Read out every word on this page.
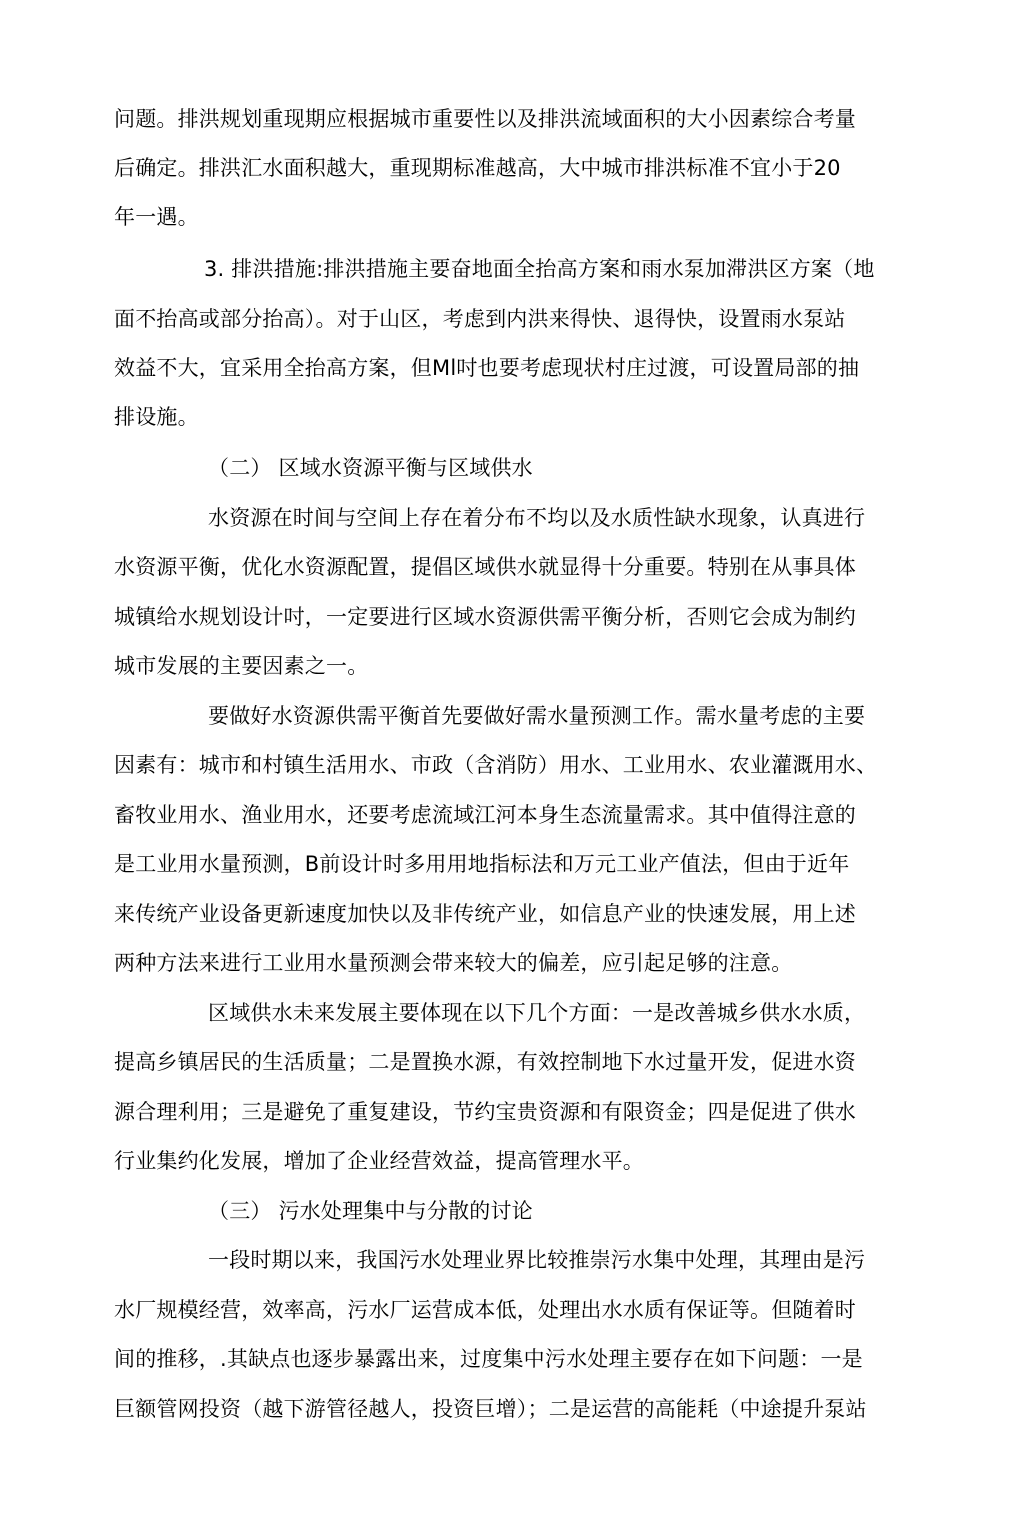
问题。排洪规划重现期应根据城市重要性以及排洪流域面积的大小因素综合考量
后确定。排洪汇水面积越大，重现期标准越高，大中城市排洪标准不宜小于20
年一遇。
3. 排洪措施:排洪措施主要奋地面全抬高方案和雨水泵加滞洪区方案（地
面不抬高或部分抬高）。对于山区，考虑到内洪来得快、退得快，设置雨水泵站
效益不大，宜采用全抬高方案，但Ml吋也要考虑现状村庄过渡，可设置局部的抽
排设施。
（二） 区域水资源平衡与区域供水
水资源在时间与空间上存在着分布不均以及水质性缺水现象，认真进行
水资源平衡，优化水资源配置，提倡区域供水就显得十分重要。特别在从事具体
城镇给水规划设计吋，一定要进行区域水资源供需平衡分析，否则它会成为制约
城市发展的主要因素之一。
要做好水资源供需平衡首先要做好需水量预测工作。需水量考虑的主要
因素有：城市和村镇生活用水、市政（含消防）用水、工业用水、农业灌溉用水、
畜牧业用水、渔业用水，还要考虑流域江河本身生态流量需求。其中值得注意的
是工业用水量预测，B前设计时多用用地指标法和万元工业产值法，但由于近年
来传统产业设备更新速度加快以及非传统产业，如信息产业的快速发展，用上述
两种方法来进行工业用水量预测会带来较大的偏差，应引起足够的注意。
区域供水未来发展主要体现在以下几个方面：一是改善城乡供水水质，
提高乡镇居民的生活质量；二是置换水源，有效控制地下水过量开发，促进水资
源合理利用；三是避免了重复建设，节约宝贵资源和有限资金；四是促进了供水
行业集约化发展，增加了企业经营效益，提高管理水平。
（三） 污水处理集中与分散的讨论
一段时期以来，我国污水处理业界比较推崇污水集中处理，其理由是污
水厂规模经营，效率高，污水厂运营成本低，处理出水水质有保证等。但随着时
间的推移，.其缺点也逐步暴露出来，过度集中污水处理主要存在如下问题：一是
巨额管网投资（越下游管径越人，投资巨增）；二是运营的高能耗（中途提升泵站
